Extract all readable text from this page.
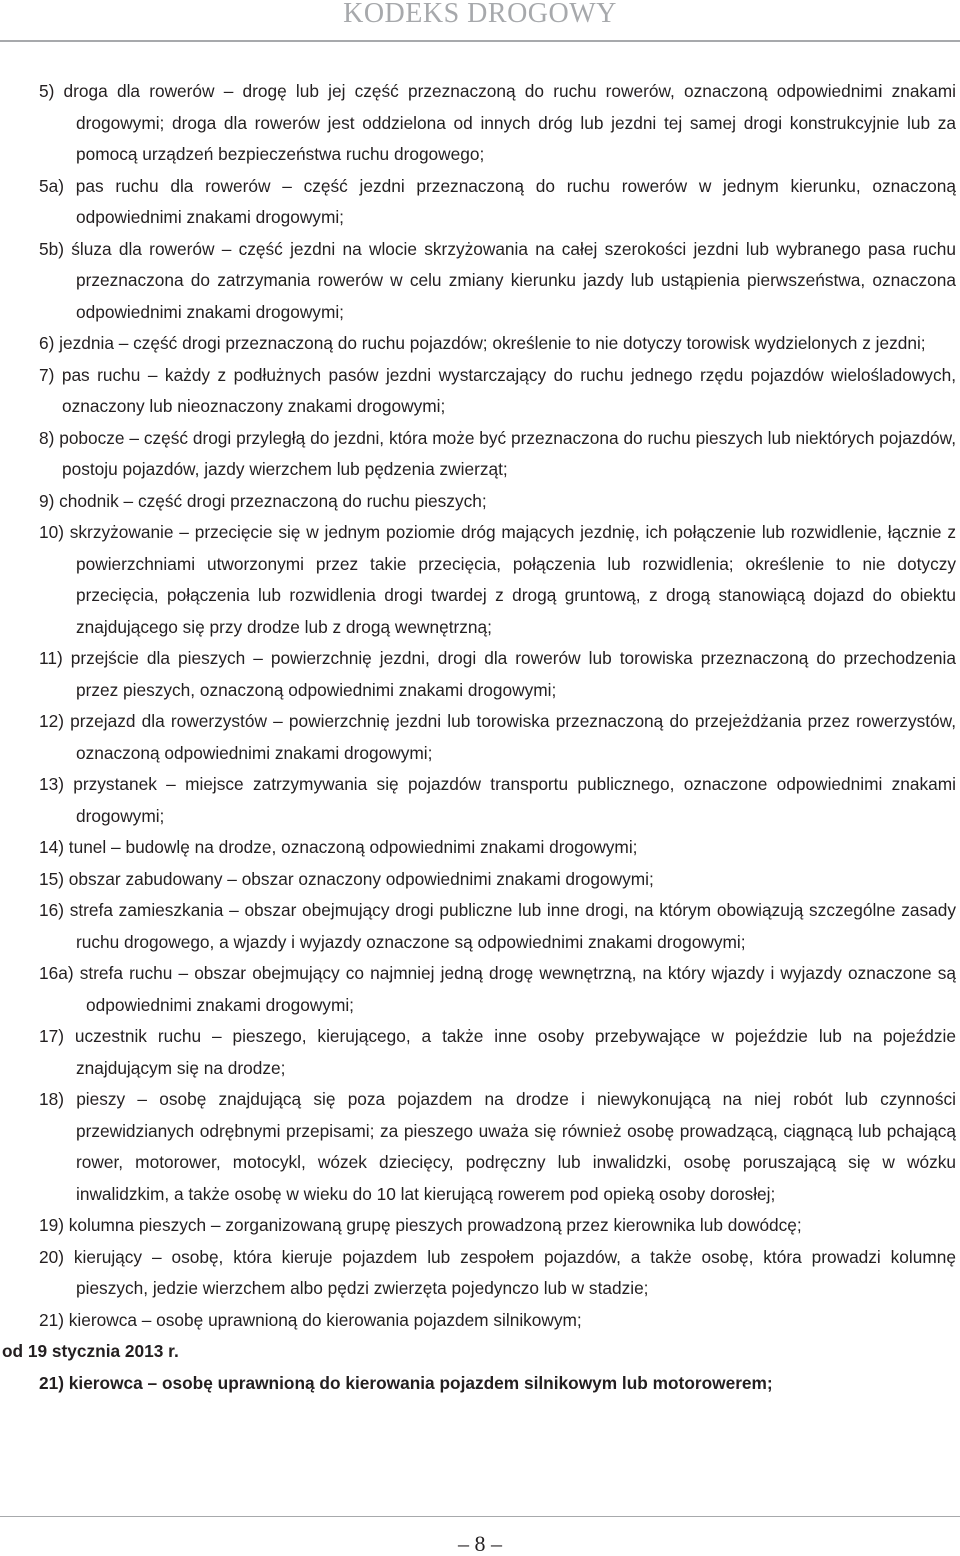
KODEKS DROGOWY
5) droga dla rowerów – drogę lub jej część przeznaczoną do ruchu rowerów, oznaczoną odpowiednimi znakami drogowymi; droga dla rowerów jest oddzielona od innych dróg lub jezdni tej samej drogi konstrukcyjnie lub za pomocą urządzeń bezpieczeństwa ruchu drogowego;
5a) pas ruchu dla rowerów – część jezdni przeznaczoną do ruchu rowerów w jednym kierunku, oznaczoną odpowiednimi znakami drogowymi;
5b) śluza dla rowerów – część jezdni na wlocie skrzyżowania na całej szerokości jezdni lub wybranego pasa ruchu przeznaczona do zatrzymania rowerów w celu zmiany kierunku jazdy lub ustąpienia pierwszeństwa, oznaczona odpowiednimi znakami drogowymi;
6) jezdnia – część drogi przeznaczoną do ruchu pojazdów; określenie to nie dotyczy torowisk wydzielonych z jezdni;
7) pas ruchu – każdy z podłużnych pasów jezdni wystarczający do ruchu jednego rzędu pojazdów wielośladowych, oznaczony lub nieoznaczony znakami drogowymi;
8) pobocze – część drogi przyległą do jezdni, która może być przeznaczona do ruchu pieszych lub niektórych pojazdów, postoju pojazdów, jazdy wierzchem lub pędzenia zwierząt;
9) chodnik – część drogi przeznaczoną do ruchu pieszych;
10) skrzyżowanie – przecięcie się w jednym poziomie dróg mających jezdnię, ich połączenie lub rozwidlenie, łącznie z powierzchniami utworzonymi przez takie przecięcia, połączenia lub rozwidlenia; określenie to nie dotyczy przecięcia, połączenia lub rozwidlenia drogi twardej z drogą gruntową, z drogą stanowiącą dojazd do obiektu znajdującego się przy drodze lub z drogą wewnętrzną;
11) przejście dla pieszych – powierzchnię jezdni, drogi dla rowerów lub torowiska przeznaczoną do przechodzenia przez pieszych, oznaczoną odpowiednimi znakami drogowymi;
12) przejazd dla rowerzystów – powierzchnię jezdni lub torowiska przeznaczoną do przejeżdżania przez rowerzystów, oznaczoną odpowiednimi znakami drogowymi;
13) przystanek – miejsce zatrzymywania się pojazdów transportu publicznego, oznaczone odpowiednimi znakami drogowymi;
14) tunel – budowlę na drodze, oznaczoną odpowiednimi znakami drogowymi;
15) obszar zabudowany – obszar oznaczony odpowiednimi znakami drogowymi;
16) strefa zamieszkania – obszar obejmujący drogi publiczne lub inne drogi, na którym obowiązują szczególne zasady ruchu drogowego, a wjazdy i wyjazdy oznaczone są odpowiednimi znakami drogowymi;
16a) strefa ruchu – obszar obejmujący co najmniej jedną drogę wewnętrzną, na który wjazdy i wyjazdy oznaczone są odpowiednimi znakami drogowymi;
17) uczestnik ruchu – pieszego, kierującego, a także inne osoby przebywające w pojeździe lub na pojeździe znajdującym się na drodze;
18) pieszy – osobę znajdującą się poza pojazdem na drodze i niewykonującą na niej robót lub czynności przewidzianych odrębnymi przepisami; za pieszego uważa się również osobę prowadzącą, ciągnącą lub pchającą rower, motorower, motocykl, wózek dziecięcy, podręczny lub inwalidzki, osobę poruszającą się w wózku inwalidzkim, a także osobę w wieku do 10 lat kierującą rowerem pod opieką osoby dorosłej;
19) kolumna pieszych – zorganizowaną grupę pieszych prowadzoną przez kierownika lub dowódcę;
20) kierujący – osobę, która kieruje pojazdem lub zespołem pojazdów, a także osobę, która prowadzi kolumnę pieszych, jedzie wierzchem albo pędzi zwierzęta pojedynczo lub w stadzie;
21) kierowca – osobę uprawnioną do kierowania pojazdem silnikowym;
od 19 stycznia 2013 r.
21) kierowca – osobę uprawnioną do kierowania pojazdem silnikowym lub motorowerem;
– 8 –
